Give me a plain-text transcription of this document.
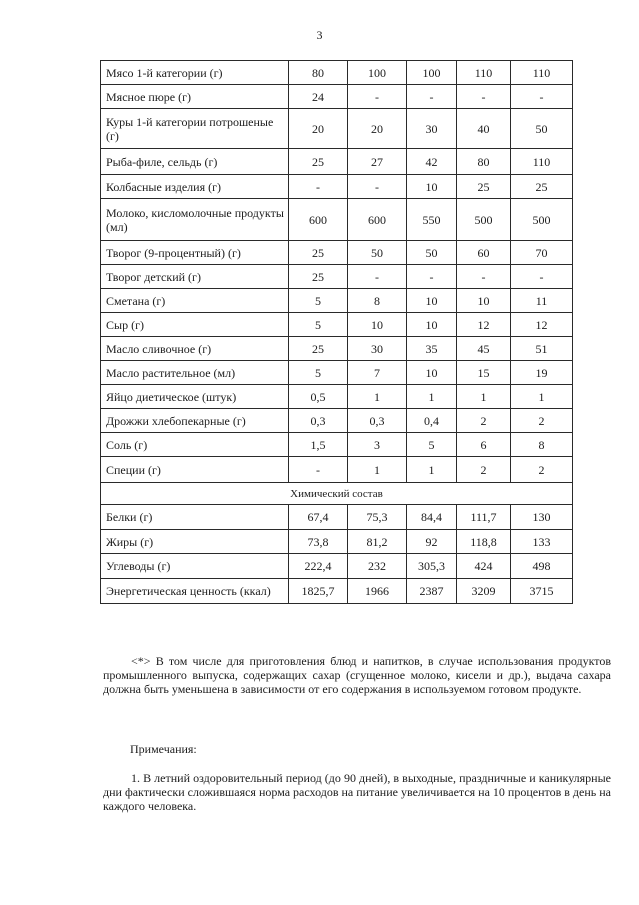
3
Мясо 1-й категории (г)	80	100	100	110	110
Мясное пюре (г)	24	-	-	-	-
Куры 1-й категории потрошеные (г)	20	20	30	40	50
Рыба-филе, сельдь (г)	25	27	42	80	110
Колбасные изделия (г)	-	-	10	25	25
Молоко, кисломолочные продукты (мл)	600	600	550	500	500
Творог (9-процентный) (г)	25	50	50	60	70
Творог детский (г)	25	-	-	-	-
Сметана (г)	5	8	10	10	11
Сыр (г)	5	10	10	12	12
Масло сливочное (г)	25	30	35	45	51
Масло растительное (мл)	5	7	10	15	19
Яйцо диетическое (штук)	0,5	1	1	1	1
Дрожжи хлебопекарные (г)	0,3	0,3	0,4	2	2
Соль (г)	1,5	3	5	6	8
Специи (г)	-	1	1	2	2
Химический состав					
Белки (г)	67,4	75,3	84,4	111,7	130
Жиры (г)	73,8	81,2	92	118,8	133
Углеводы (г)	222,4	232	305,3	424	498
Энергетическая ценность (ккал)	1825,7	1966	2387	3209	3715
<*> В том числе для приготовления блюд и напитков, в случае использования продуктов промышленного выпуска, содержащих сахар (сгущенное молоко, кисели и др.), выдача сахара должна быть уменьшена в зависимости от его содержания в используемом готовом продукте.
Примечания:
1. В летний оздоровительный период (до 90 дней), в выходные, праздничные и каникулярные дни фактически сложившаяся норма расходов на питание увеличивается на 10 процентов в день на каждого человека.
